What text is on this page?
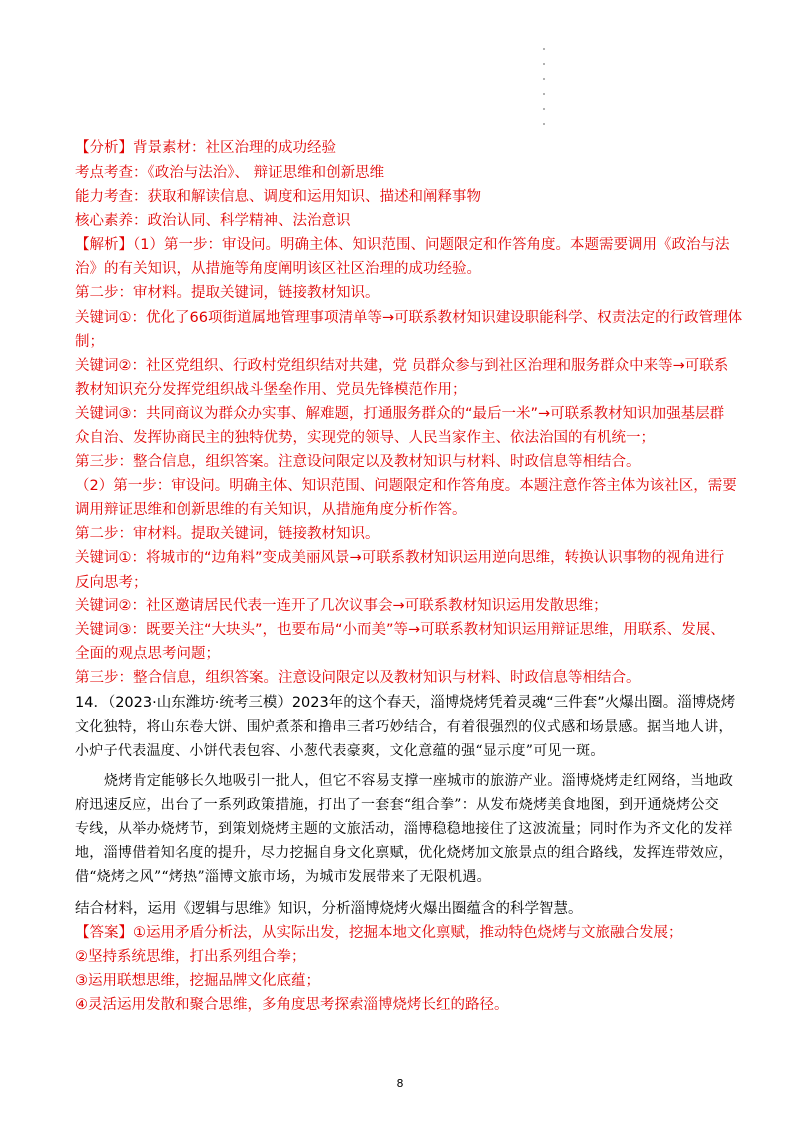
【分析】背景素材：社区治理的成功经验
考点考查：《政治与法治》、 辩证思维和创新思维
能力考查：获取和解读信息、调度和运用知识、描述和阐释事物
核心素养：政治认同、科学精神、法治意识
【解析】（1）第一步：审设问。明确主体、知识范围、问题限定和作答角度。本题需要调用《政治与法
治》的有关知识，从措施等角度阐明该区社区治理的成功经验。
第二步：审材料。提取关键词，链接教材知识。
关键词①：优化了66项街道属地管理事项清单等→可联系教材知识建设职能科学、权责法定的行政管理体
制；
关键词②：社区党组织、行政村党组织结对共建，党 员群众参与到社区治理和服务群众中来等→可联系
教材知识充分发挥党组织战斗堡垒作用、党员先锋模范作用；
关键词③：共同商议为群众办实事、解难题，打通服务群众的“最后一米”→可联系教材知识加强基层群
众自治、发挥协商民主的独特优势，实现党的领导、人民当家作主、依法治国的有机统一；
第三步：整合信息，组织答案。注意设问限定以及教材知识与材料、时政信息等相结合。
（2）第一步：审设问。明确主体、知识范围、问题限定和作答角度。本题注意作答主体为该社区，需要
调用辩证思维和创新思维的有关知识，从措施角度分析作答。
第二步：审材料。提取关键词，链接教材知识。
关键词①：将城市的“边角料”变成美丽风景→可联系教材知识运用逆向思维，转换认识事物的视角进行
反向思考；
关键词②：社区邀请居民代表一连开了几次议事会→可联系教材知识运用发散思维；
关键词③：既要关注“大块头”，也要布局“小而美”等→可联系教材知识运用辩证思维，用联系、发展、
全面的观点思考问题；
第三步：整合信息，组织答案。注意设问限定以及教材知识与材料、时政信息等相结合。
14．（2023·山东潍坊·统考三模）2023年的这个春天，淄博烧烤凭着灵魂“三件套”火爆出圈。淄博烧烤
文化独特，将山东卷大饼、围炉煮茶和撸串三者巧妙结合，有着很强烈的仪式感和场景感。据当地人讲，
小炉子代表温度、小饼代表包容、小葱代表豪爽，文化意蕴的强“显示度”可见一斑。
烧烤肯定能够长久地吸引一批人，但它不容易支撑一座城市的旅游产业。淄博烧烤走红网络，当地政
府迅速反应，出台了一系列政策措施，打出了一套套“组合拳”：从发布烧烤美食地图，到开通烧烤公交
专线，从举办烧烤节，到策划烧烤主题的文旅活动，淄博稳稳地接住了这波流量；同时作为齐文化的发祥
地，淄博借着知名度的提升，尽力挖掘自身文化禀赋，优化烧烤加文旅景点的组合路线，发挥连带效应，
借“烧烤之风”“烤热”淄博文旅市场，为城市发展带来了无限机遇。
结合材料，运用《逻辑与思维》知识，分析淄博烧烤火爆出圈蕴含的科学智慧。
【答案】①运用矛盾分析法，从实际出发，挖掘本地文化禀赋，推动特色烧烤与文旅融合发展；
②坚持系统思维，打出系列组合拳；
③运用联想思维，挖掘品牌文化底蕴；
④灵活运用发散和聚合思维，多角度思考探索淄博烧烤长红的路径。
8
